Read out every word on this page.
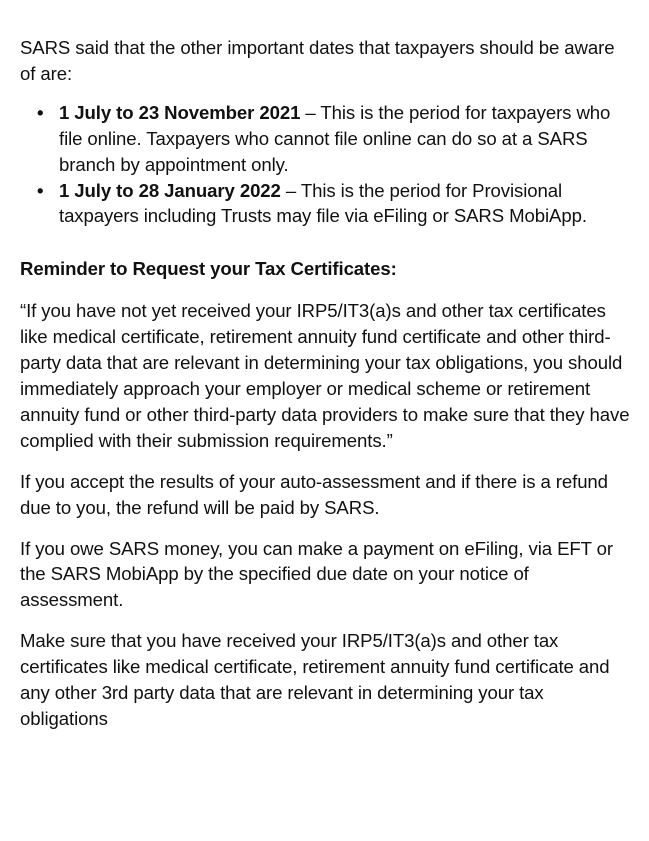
SARS said that the other important dates that taxpayers should be aware of are:

• 1 July to 23 November 2021 – This is the period for taxpayers who file online. Taxpayers who cannot file online can do so at a SARS branch by appointment only.
• 1 July to 28 January 2022 – This is the period for Provisional taxpayers including Trusts may file via eFiling or SARS MobiApp.

Reminder to Request your Tax Certificates:

“If you have not yet received your IRP5/IT3(a)s and other tax certificates like medical certificate, retirement annuity fund certificate and other third-party data that are relevant in determining your tax obligations, you should immediately approach your employer or medical scheme or retirement annuity fund or other third-party data providers to make sure that they have complied with their submission requirements.”

If you accept the results of your auto-assessment and if there is a refund due to you, the refund will be paid by SARS.

If you owe SARS money, you can make a payment on eFiling, via EFT or the SARS MobiApp by the specified due date on your notice of assessment.

Make sure that you have received your IRP5/IT3(a)s and other tax certificates like medical certificate, retirement annuity fund certificate and any other 3rd party data that are relevant in determining your tax obligations
